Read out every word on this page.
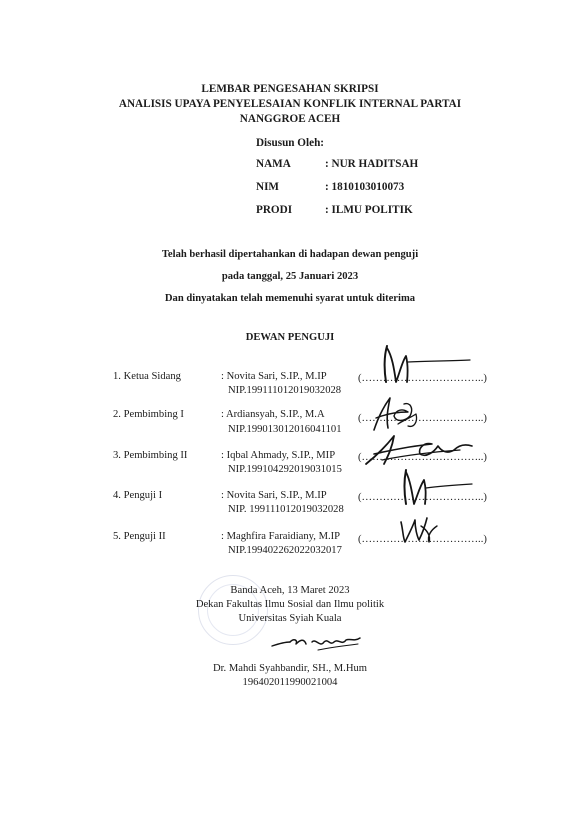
LEMBAR PENGESAHAN SKRIPSI
ANALISIS UPAYA PENYELESAIAN KONFLIK INTERNAL PARTAI
NANGGROE ACEH
Disusun Oleh:
NAMA	: NUR HADITSAH
NIM	: 1810103010073
PRODI	: ILMU POLITIK
Telah berhasil dipertahankan di hadapan dewan penguji
pada tanggal, 25 Januari 2023
Dan dinyatakan telah memenuhi syarat untuk diterima
DEWAN PENGUJI
1. Ketua Sidang	: Novita Sari, S.IP., M.IP
NIP.199111012019032028
(……………………………..)
2. Pembimbing I	: Ardiansyah, S.IP., M.A
NIP.199013012016041101
(……………………………..)
3. Pembimbing II	: Iqbal Ahmady, S.IP., MIP
NIP.199104292019031015
(……………………………..)
4. Penguji I	: Novita Sari, S.IP., M.IP
NIP. 199111012019032028
(……………………………..)
5. Penguji II	: Maghfira Faraidiany, M.IP
NIP.199402262022032017
(……………………………..)
Banda Aceh, 13 Maret 2023
Dekan Fakultas Ilmu Sosial dan Ilmu politik
Universitas Syiah Kuala
Dr. Mahdi Syahbandir, SH., M.Hum
196402011990021004
